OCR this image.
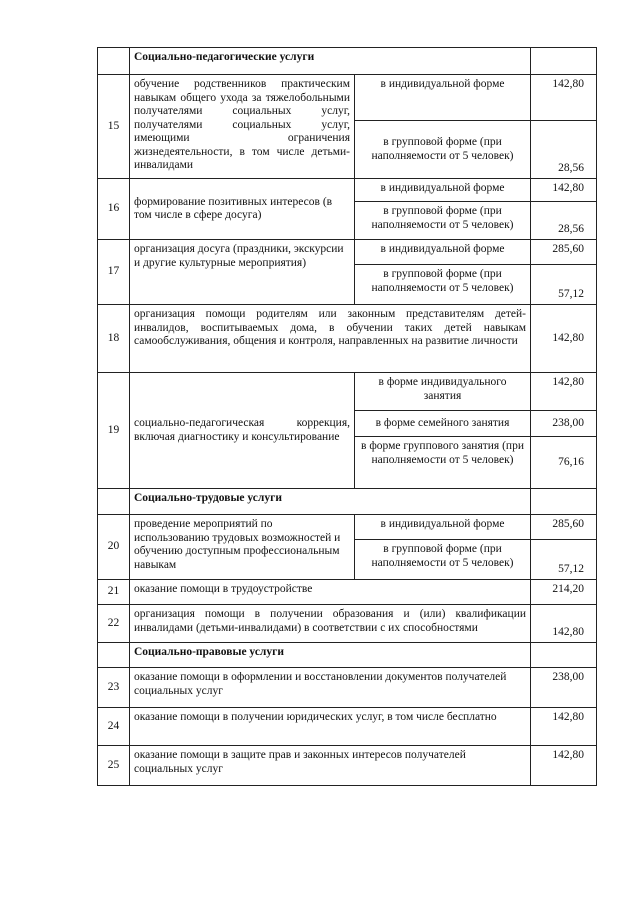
	Социально-педагогические услуги		
15	обучение родственников практическим навыкам общего ухода за тяжелобольными получателями социальных услуг, получателями социальных услуг, имеющими ограничения жизнедеятельности, в том числе детьми-инвалидами	в индивидуальной форме	142,80
		в групповой форме (при наполняемости от 5 человек)	28,56
16	формирование позитивных интересов (в том числе в сфере досуга)	в индивидуальной форме	142,80
		в групповой форме (при наполняемости от 5 человек)	28,56
17	организация досуга (праздники, экскурсии и другие культурные мероприятия)	в индивидуальной форме	285,60
		в групповой форме (при наполняемости от 5 человек)	57,12
18	организация помощи родителям или законным представителям детей-инвалидов, воспитываемых дома, в обучении таких детей навыкам самообслуживания, общения и контроля, направленных на развитие личности		142,80
19	социально-педагогическая коррекция, включая диагностику и консультирование	в форме индивидуального занятия	142,80
		в форме семейного занятия	238,00
		в форме группового занятия (при наполняемости от 5 человек)	76,16
	Социально-трудовые услуги		
20	проведение мероприятий по использованию трудовых возможностей и обучению доступным профессиональным навыкам	в индивидуальной форме	285,60
		в групповой форме (при наполняемости от 5 человек)	57,12
21	оказание помощи в трудоустройстве		214,20
22	организация помощи в получении образования и (или) квалификации инвалидами (детьми-инвалидами) в соответствии с их способностями		142,80
	Социально-правовые услуги		
23	оказание помощи в оформлении и восстановлении документов получателей социальных услуг		238,00
24	оказание помощи в получении юридических услуг, в том числе бесплатно		142,80
25	оказание помощи в защите прав и законных интересов получателей социальных услуг		142,80
